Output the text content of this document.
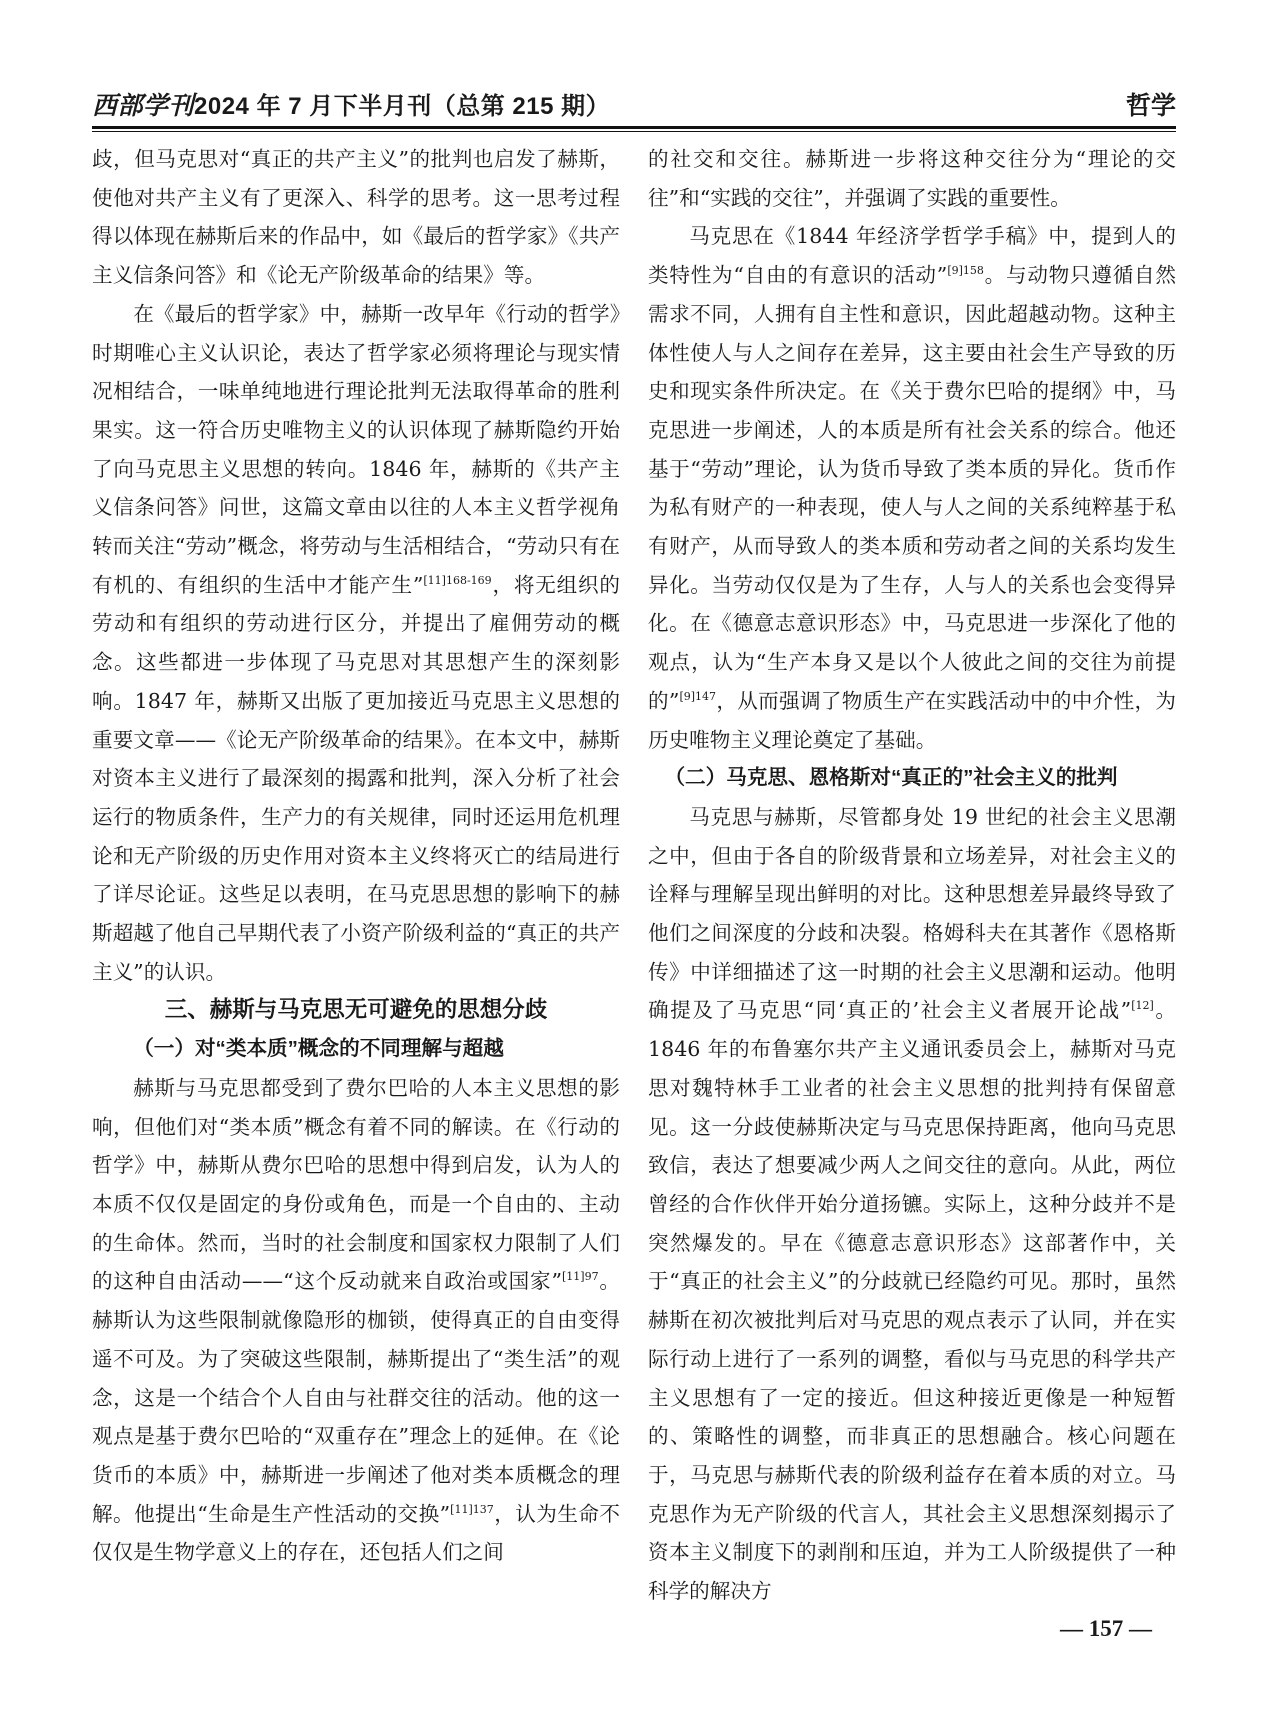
西部学刊2024 年 7 月下半月刊（总第 215 期）	哲学

歧，但马克思对“真正的共产主义”的批判也启发了赫斯，使他对共产主义有了更深入、科学的思考。这一思考过程得以体现在赫斯后来的作品中，如《最后的哲学家》《共产主义信条问答》和《论无产阶级革命的结果》等。

在《最后的哲学家》中，赫斯一改早年《行动的哲学》时期唯心主义认识论，表达了哲学家必须将理论与现实情况相结合，一味单纯地进行理论批判无法取得革命的胜利果实。这一符合历史唯物主义的认识体现了赫斯隐约开始了向马克思主义思想的转向。1846 年，赫斯的《共产主义信条问答》问世，这篇文章由以往的人本主义哲学视角转而关注“劳动”概念，将劳动与生活相结合，“劳动只有在有机的、有组织的生活中才能产生”$^{[11]168-169}$，将无组织的劳动和有组织的劳动进行区分，并提出了雇佣劳动的概念。这些都进一步体现了马克思对其思想产生的深刻影响。1847 年，赫斯又出版了更加接近马克思主义思想的重要文章——《论无产阶级革命的结果》。在本文中，赫斯对资本主义进行了最深刻的揭露和批判，深入分析了社会运行的物质条件，生产力的有关规律，同时还运用危机理论和无产阶级的历史作用对资本主义终将灭亡的结局进行了详尽论证。这些足以表明，在马克思思想的影响下的赫斯超越了他自己早期代表了小资产阶级利益的“真正的共产主义”的认识。

三、赫斯与马克思无可避免的思想分歧
（一）对“类本质”概念的不同理解与超越

赫斯与马克思都受到了费尔巴哈的人本主义思想的影响，但他们对“类本质”概念有着不同的解读。在《行动的哲学》中，赫斯从费尔巴哈的思想中得到启发，认为人的本质不仅仅是固定的身份或角色，而是一个自由的、主动的生命体。然而，当时的社会制度和国家权力限制了人们的这种自由活动——“这个反动就来自政治或国家”$^{[11]97}$。赫斯认为这些限制就像隐形的枷锁，使得真正的自由变得遥不可及。为了突破这些限制，赫斯提出了“类生活”的观念，这是一个结合个人自由与社群交往的活动。他的这一观点是基于费尔巴哈的“双重存在”理念上的延伸。在《论货币的本质》中，赫斯进一步阐述了他对类本质概念的理解。他提出“生命是生产性活动的交换”$^{[11]137}$，认为生命不仅仅是生物学意义上的存在，还包括人们之间

的社交和交往。赫斯进一步将这种交往分为“理论的交往”和“实践的交往”，并强调了实践的重要性。

马克思在《1844 年经济学哲学手稿》中，提到人的类特性为“自由的有意识的活动”$^{[9]158}$。与动物只遵循自然需求不同，人拥有自主性和意识，因此超越动物。这种主体性使人与人之间存在差异，这主要由社会生产导致的历史和现实条件所决定。在《关于费尔巴哈的提纲》中，马克思进一步阐述，人的本质是所有社会关系的综合。他还基于“劳动”理论，认为货币导致了类本质的异化。货币作为私有财产的一种表现，使人与人之间的关系纯粹基于私有财产，从而导致人的类本质和劳动者之间的关系均发生异化。当劳动仅仅是为了生存，人与人的关系也会变得异化。在《德意志意识形态》中，马克思进一步深化了他的观点，认为“生产本身又是以个人彼此之间的交往为前提的”$^{[9]147}$，从而强调了物质生产在实践活动中的中介性，为历史唯物主义理论奠定了基础。

（二）马克思、恩格斯对“真正的”社会主义的批判

马克思与赫斯，尽管都身处 19 世纪的社会主义思潮之中，但由于各自的阶级背景和立场差异，对社会主义的诠释与理解呈现出鲜明的对比。这种思想差异最终导致了他们之间深度的分歧和决裂。格姆科夫在其著作《恩格斯传》中详细描述了这一时期的社会主义思潮和运动。他明确提及了马克思“同‘真正的’社会主义者展开论战”[12]。1846 年的布鲁塞尔共产主义通讯委员会上，赫斯对马克思对魏特林手工业者的社会主义思想的批判持有保留意见。这一分歧使赫斯决定与马克思保持距离，他向马克思致信，表达了想要减少两人之间交往的意向。从此，两位曾经的合作伙伴开始分道扬镳。实际上，这种分歧并不是突然爆发的。早在《德意志意识形态》这部著作中，关于“真正的社会主义”的分歧就已经隐约可见。那时，虽然赫斯在初次被批判后对马克思的观点表示了认同，并在实际行动上进行了一系列的调整，看似与马克思的科学共产主义思想有了一定的接近。但这种接近更像是一种短暂的、策略性的调整，而非真正的思想融合。核心问题在于，马克思与赫斯代表的阶级利益存在着本质的对立。马克思作为无产阶级的代言人，其社会主义思想深刻揭示了资本主义制度下的剥削和压迫，并为工人阶级提供了一种科学的解决方

— 157 —
